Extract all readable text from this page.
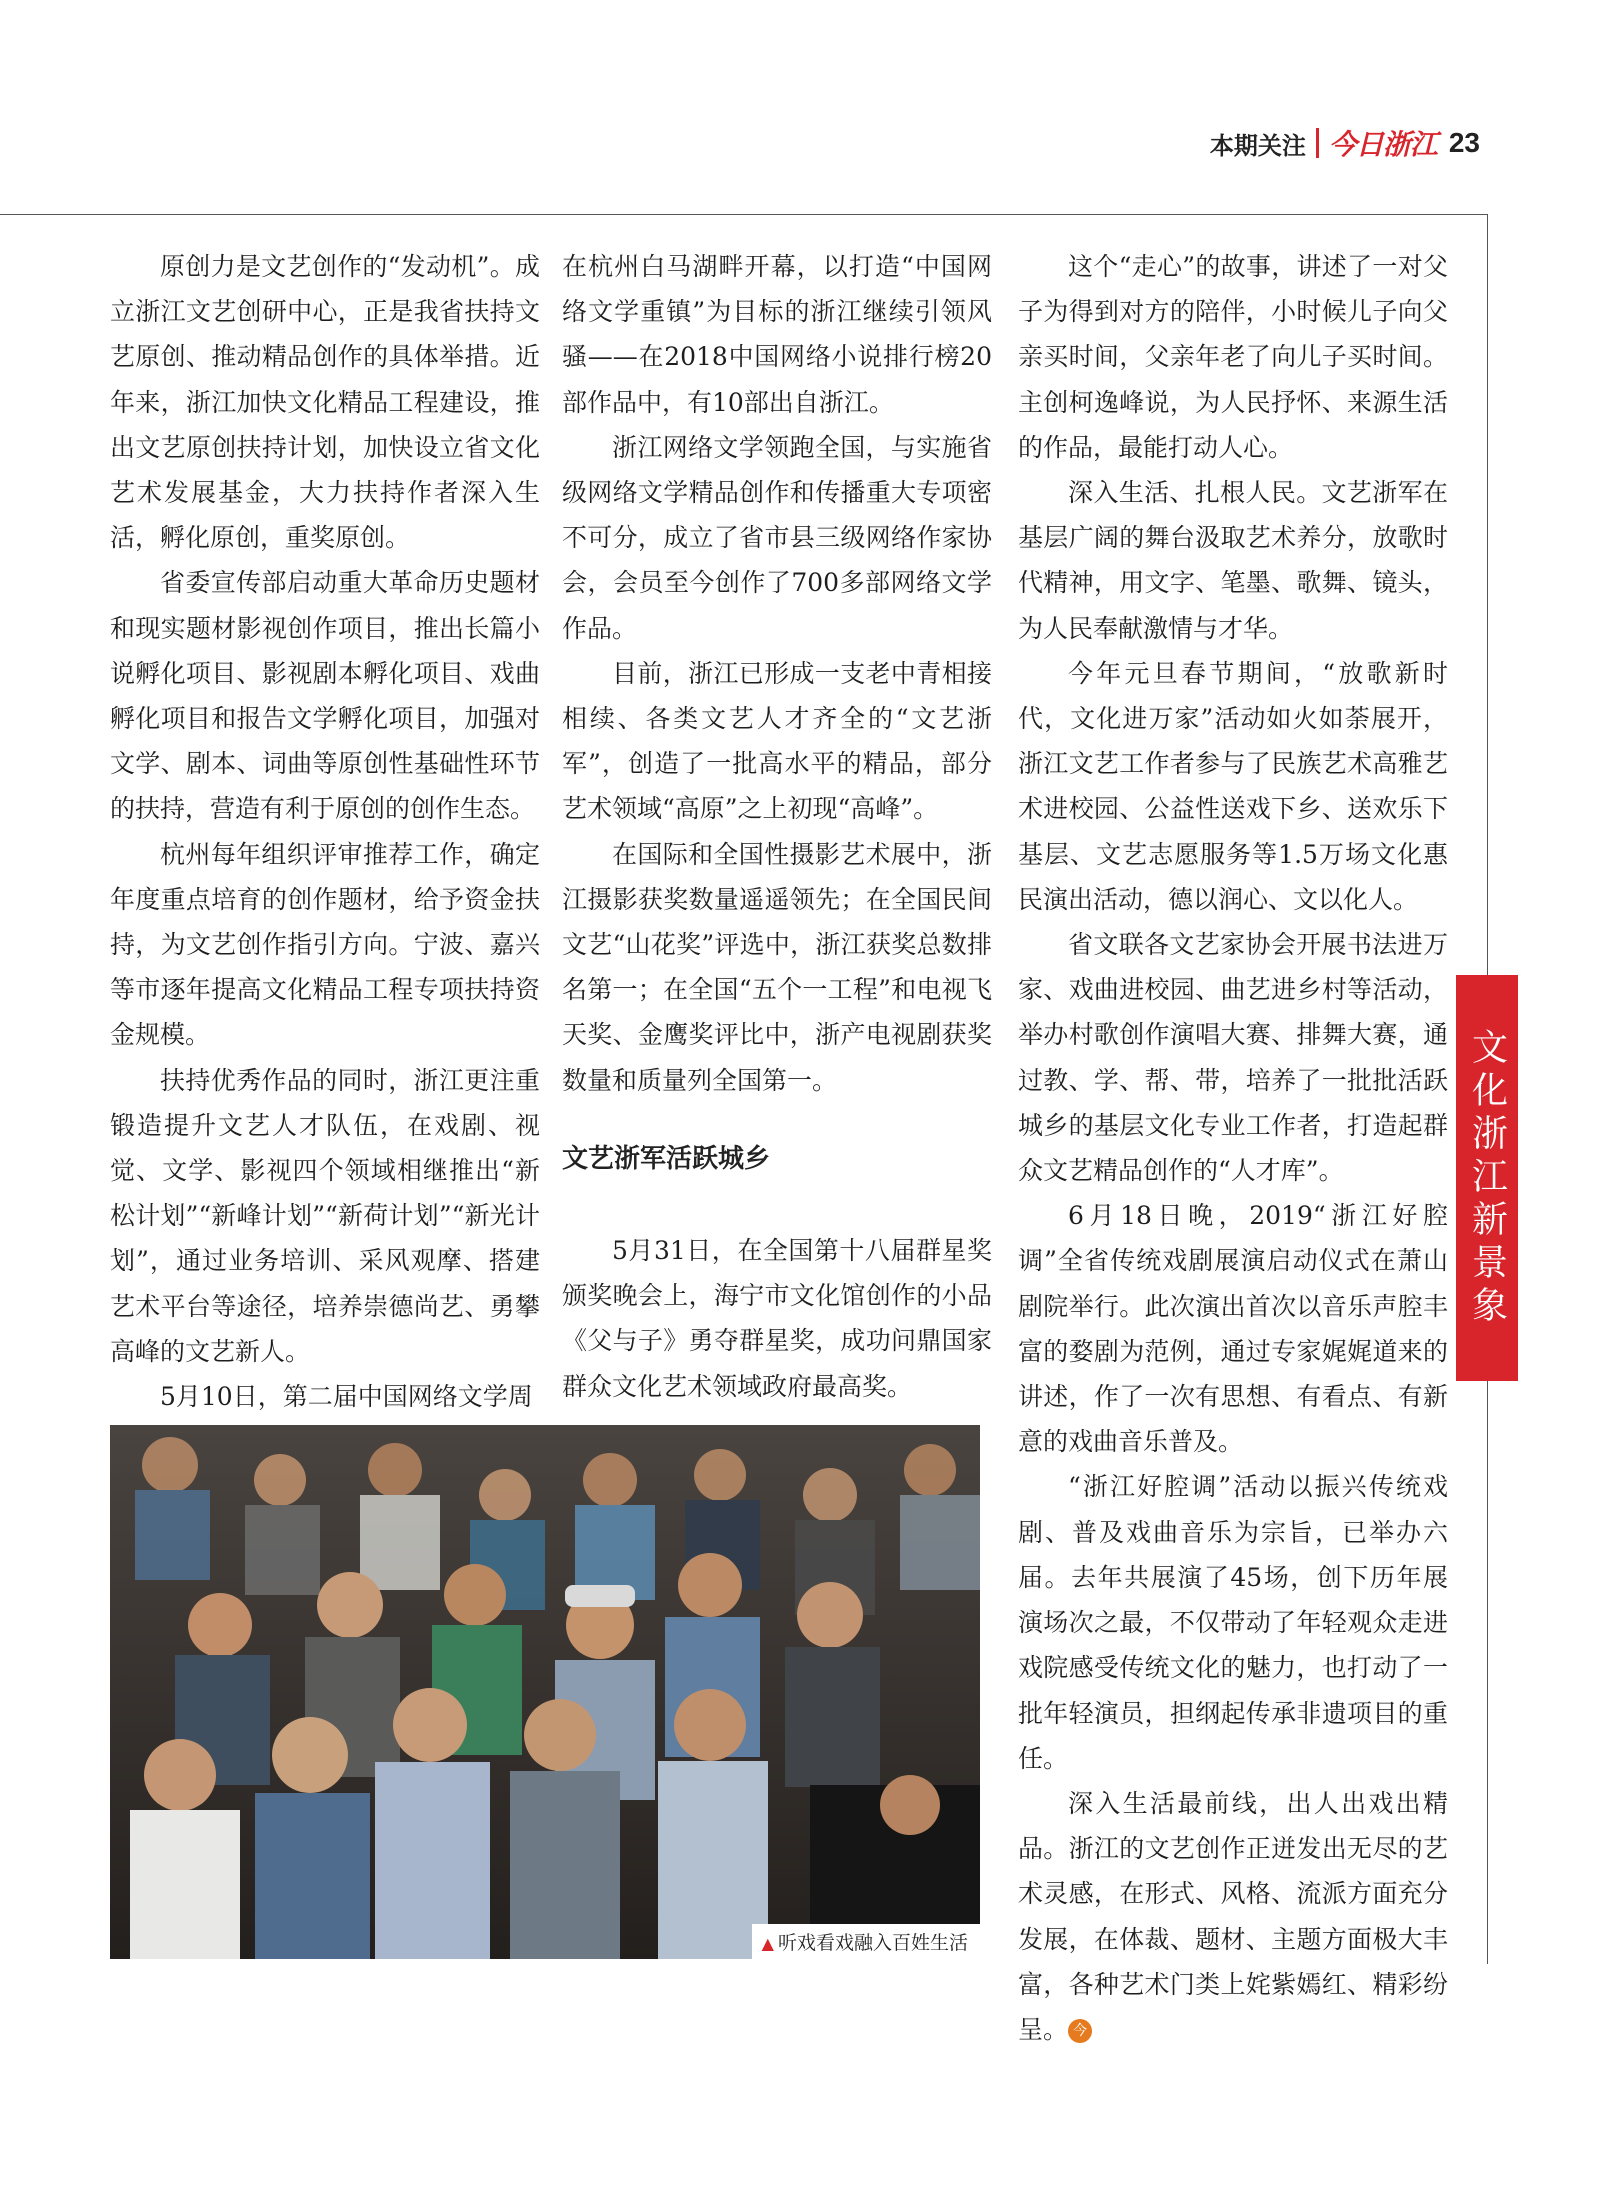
本期关注 今日浙江 23

原创力是文艺创作的“发动机”。成立浙江文艺创研中心，正是我省扶持文艺原创、推动精品创作的具体举措。近年来，浙江加快文化精品工程建设，推出文艺原创扶持计划，加快设立省文化艺术发展基金，大力扶持作者深入生活，孵化原创，重奖原创。

省委宣传部启动重大革命历史题材和现实题材影视创作项目，推出长篇小说孵化项目、影视剧本孵化项目、戏曲孵化项目和报告文学孵化项目，加强对文学、剧本、词曲等原创性基础性环节的扶持，营造有利于原创的创作生态。

杭州每年组织评审推荐工作，确定年度重点培育的创作题材，给予资金扶持，为文艺创作指引方向。宁波、嘉兴等市逐年提高文化精品工程专项扶持资金规模。

扶持优秀作品的同时，浙江更注重锻造提升文艺人才队伍，在戏剧、视觉、文学、影视四个领域相继推出“新松计划”“新峰计划”“新荷计划”“新光计划”，通过业务培训、采风观摩、搭建艺术平台等途径，培养崇德尚艺、勇攀高峰的文艺新人。

5月10日，第二届中国网络文学周

在杭州白马湖畔开幕，以打造“中国网络文学重镇”为目标的浙江继续引领风骚——在2018中国网络小说排行榜20部作品中，有10部出自浙江。

浙江网络文学领跑全国，与实施省级网络文学精品创作和传播重大专项密不可分，成立了省市县三级网络作家协会，会员至今创作了700多部网络文学作品。

目前，浙江已形成一支老中青相接相续、各类文艺人才齐全的“文艺浙军”，创造了一批高水平的精品，部分艺术领域“高原”之上初现“高峰”。

在国际和全国性摄影艺术展中，浙江摄影获奖数量遥遥领先；在全国民间文艺“山花奖”评选中，浙江获奖总数排名第一；在全国“五个一工程”和电视飞天奖、金鹰奖评比中，浙产电视剧获奖数量和质量列全国第一。

文艺浙军活跃城乡

5月31日，在全国第十八届群星奖颁奖晚会上，海宁市文化馆创作的小品《父与子》勇夺群星奖，成功问鼎国家群众文化艺术领域政府最高奖。

这个“走心”的故事，讲述了一对父子为得到对方的陪伴，小时候儿子向父亲买时间，父亲年老了向儿子买时间。主创柯逸峰说，为人民抒怀、来源生活的作品，最能打动人心。

深入生活、扎根人民。文艺浙军在基层广阔的舞台汲取艺术养分，放歌时代精神，用文字、笔墨、歌舞、镜头，为人民奉献激情与才华。

今年元旦春节期间，“放歌新时代，文化进万家”活动如火如荼展开，浙江文艺工作者参与了民族艺术高雅艺术进校园、公益性送戏下乡、送欢乐下基层、文艺志愿服务等1.5万场文化惠民演出活动，德以润心、文以化人。

省文联各文艺家协会开展书法进万家、戏曲进校园、曲艺进乡村等活动，举办村歌创作演唱大赛、排舞大赛，通过教、学、帮、带，培养了一批批活跃城乡的基层文化专业工作者，打造起群众文艺精品创作的“人才库”。

6月18日晚，2019“浙江好腔调”全省传统戏剧展演启动仪式在萧山剧院举行。此次演出首次以音乐声腔丰富的婺剧为范例，通过专家娓娓道来的讲述，作了一次有思想、有看点、有新意的戏曲音乐普及。

“浙江好腔调”活动以振兴传统戏剧、普及戏曲音乐为宗旨，已举办六届。去年共展演了45场，创下历年展演场次之最，不仅带动了年轻观众走进戏院感受传统文化的魅力，也打动了一批年轻演员，担纲起传承非遗项目的重任。

深入生活最前线，出人出戏出精品。浙江的文艺创作正迸发出无尽的艺术灵感，在形式、风格、流派方面充分发展，在体裁、题材、主题方面极大丰富，各种艺术门类上姹紫嫣红、精彩纷呈。 今

文化浙江新景象
▲ 听戏看戏融入百姓生活
